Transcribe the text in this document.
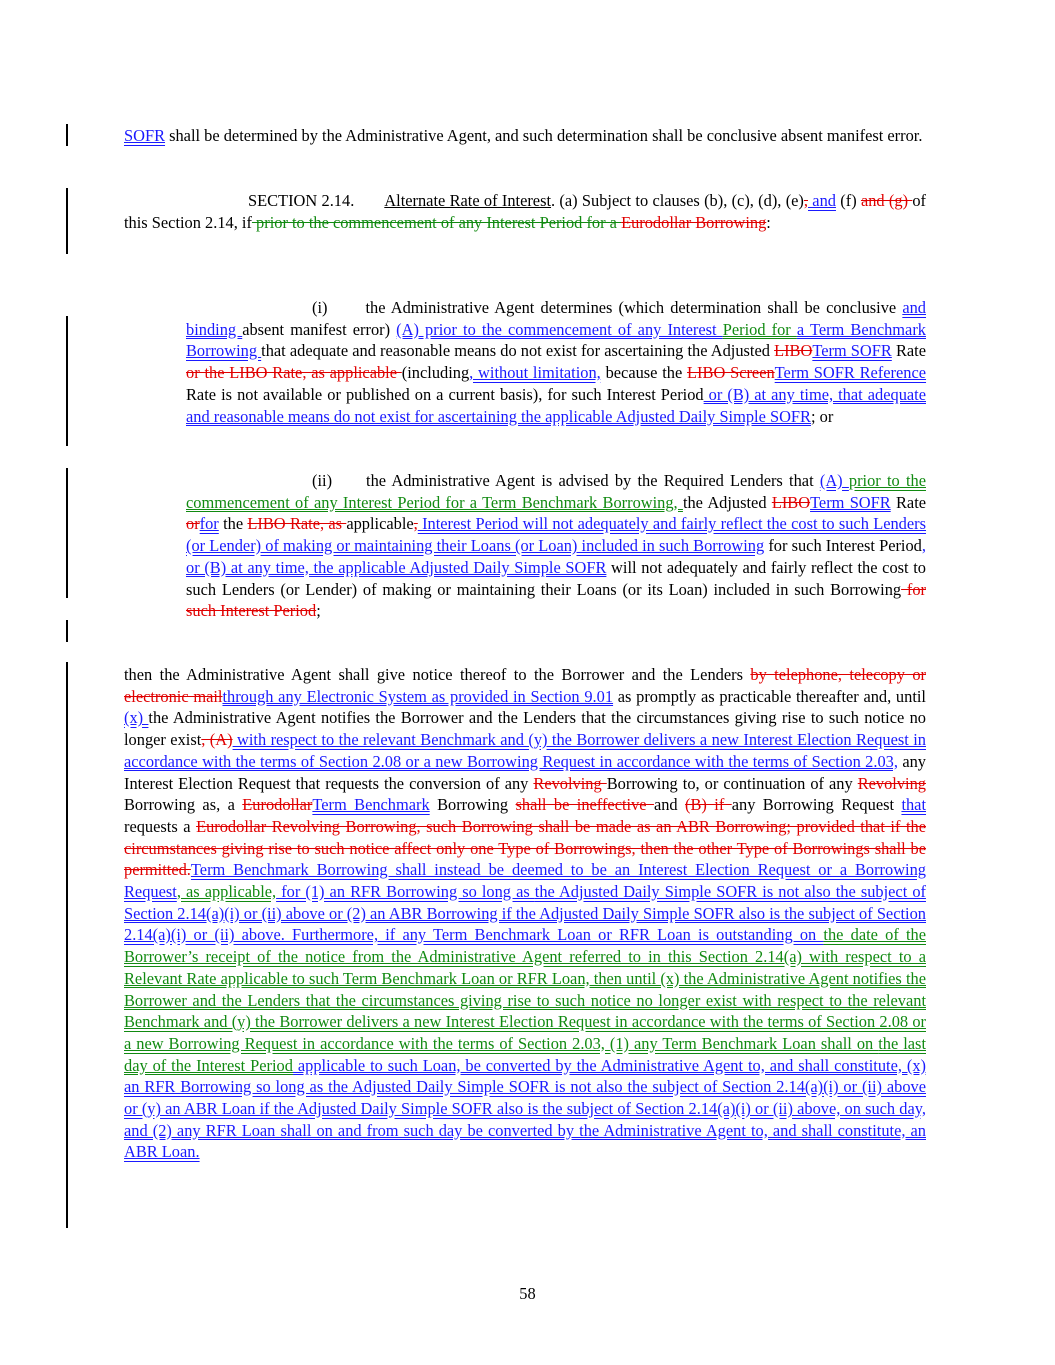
SOFR shall be determined by the Administrative Agent, and such determination shall be conclusive absent manifest error.
SECTION 2.14. Alternate Rate of Interest. (a) Subject to clauses (b), (c), (d), (e), and (f) and (g) of this Section 2.14, if prior to the commencement of any Interest Period for a Eurodollar Borrowing:
(i) the Administrative Agent determines (which determination shall be conclusive and binding absent manifest error) (A) prior to the commencement of any Interest Period for a Term Benchmark Borrowing that adequate and reasonable means do not exist for ascertaining the Adjusted LIBOTerm SOFR Rate or the LIBO Rate, as applicable (including, without limitation, because the LIBO ScreenTerm SOFR Reference Rate is not available or published on a current basis), for such Interest Period or (B) at any time, that adequate and reasonable means do not exist for ascertaining the applicable Adjusted Daily Simple SOFR; or
(ii) the Administrative Agent is advised by the Required Lenders that (A) prior to the commencement of any Interest Period for a Term Benchmark Borrowing, the Adjusted LIBOTerm SOFR Rate orfor the LIBO Rate, as applicable, Interest Period will not adequately and fairly reflect the cost to such Lenders (or Lender) of making or maintaining their Loans (or Loan) included in such Borrowing for such Interest Period, or (B) at any time, the applicable Adjusted Daily Simple SOFR will not adequately and fairly reflect the cost to such Lenders (or Lender) of making or maintaining their Loans (or its Loan) included in such Borrowing for such Interest Period;
then the Administrative Agent shall give notice thereof to the Borrower and the Lenders by telephone, telecopy or electronic mailthrough any Electronic System as provided in Section 9.01 as promptly as practicable thereafter and, until (x) the Administrative Agent notifies the Borrower and the Lenders that the circumstances giving rise to such notice no longer exist, (A) with respect to the relevant Benchmark and (y) the Borrower delivers a new Interest Election Request in accordance with the terms of Section 2.08 or a new Borrowing Request in accordance with the terms of Section 2.03, any Interest Election Request that requests the conversion of any Revolving Borrowing to, or continuation of any Revolving Borrowing as, a EurodollarTerm Benchmark Borrowing shall be ineffective and (B) if any Borrowing Request that requests a Eurodollar Revolving Borrowing, such Borrowing shall be made as an ABR Borrowing; provided that if the circumstances giving rise to such notice affect only one Type of Borrowings, then the other Type of Borrowings shall be permitted.Term Benchmark Borrowing shall instead be deemed to be an Interest Election Request or a Borrowing Request, as applicable, for (1) an RFR Borrowing so long as the Adjusted Daily Simple SOFR is not also the subject of Section 2.14(a)(i) or (ii) above or (2) an ABR Borrowing if the Adjusted Daily Simple SOFR also is the subject of Section 2.14(a)(i) or (ii) above. Furthermore, if any Term Benchmark Loan or RFR Loan is outstanding on the date of the Borrower’s receipt of the notice from the Administrative Agent referred to in this Section 2.14(a) with respect to a Relevant Rate applicable to such Term Benchmark Loan or RFR Loan, then until (x) the Administrative Agent notifies the Borrower and the Lenders that the circumstances giving rise to such notice no longer exist with respect to the relevant Benchmark and (y) the Borrower delivers a new Interest Election Request in accordance with the terms of Section 2.08 or a new Borrowing Request in accordance with the terms of Section 2.03, (1) any Term Benchmark Loan shall on the last day of the Interest Period applicable to such Loan, be converted by the Administrative Agent to, and shall constitute, (x) an RFR Borrowing so long as the Adjusted Daily Simple SOFR is not also the subject of Section 2.14(a)(i) or (ii) above or (y) an ABR Loan if the Adjusted Daily Simple SOFR also is the subject of Section 2.14(a)(i) or (ii) above, on such day, and (2) any RFR Loan shall on and from such day be converted by the Administrative Agent to, and shall constitute, an ABR Loan.
58
